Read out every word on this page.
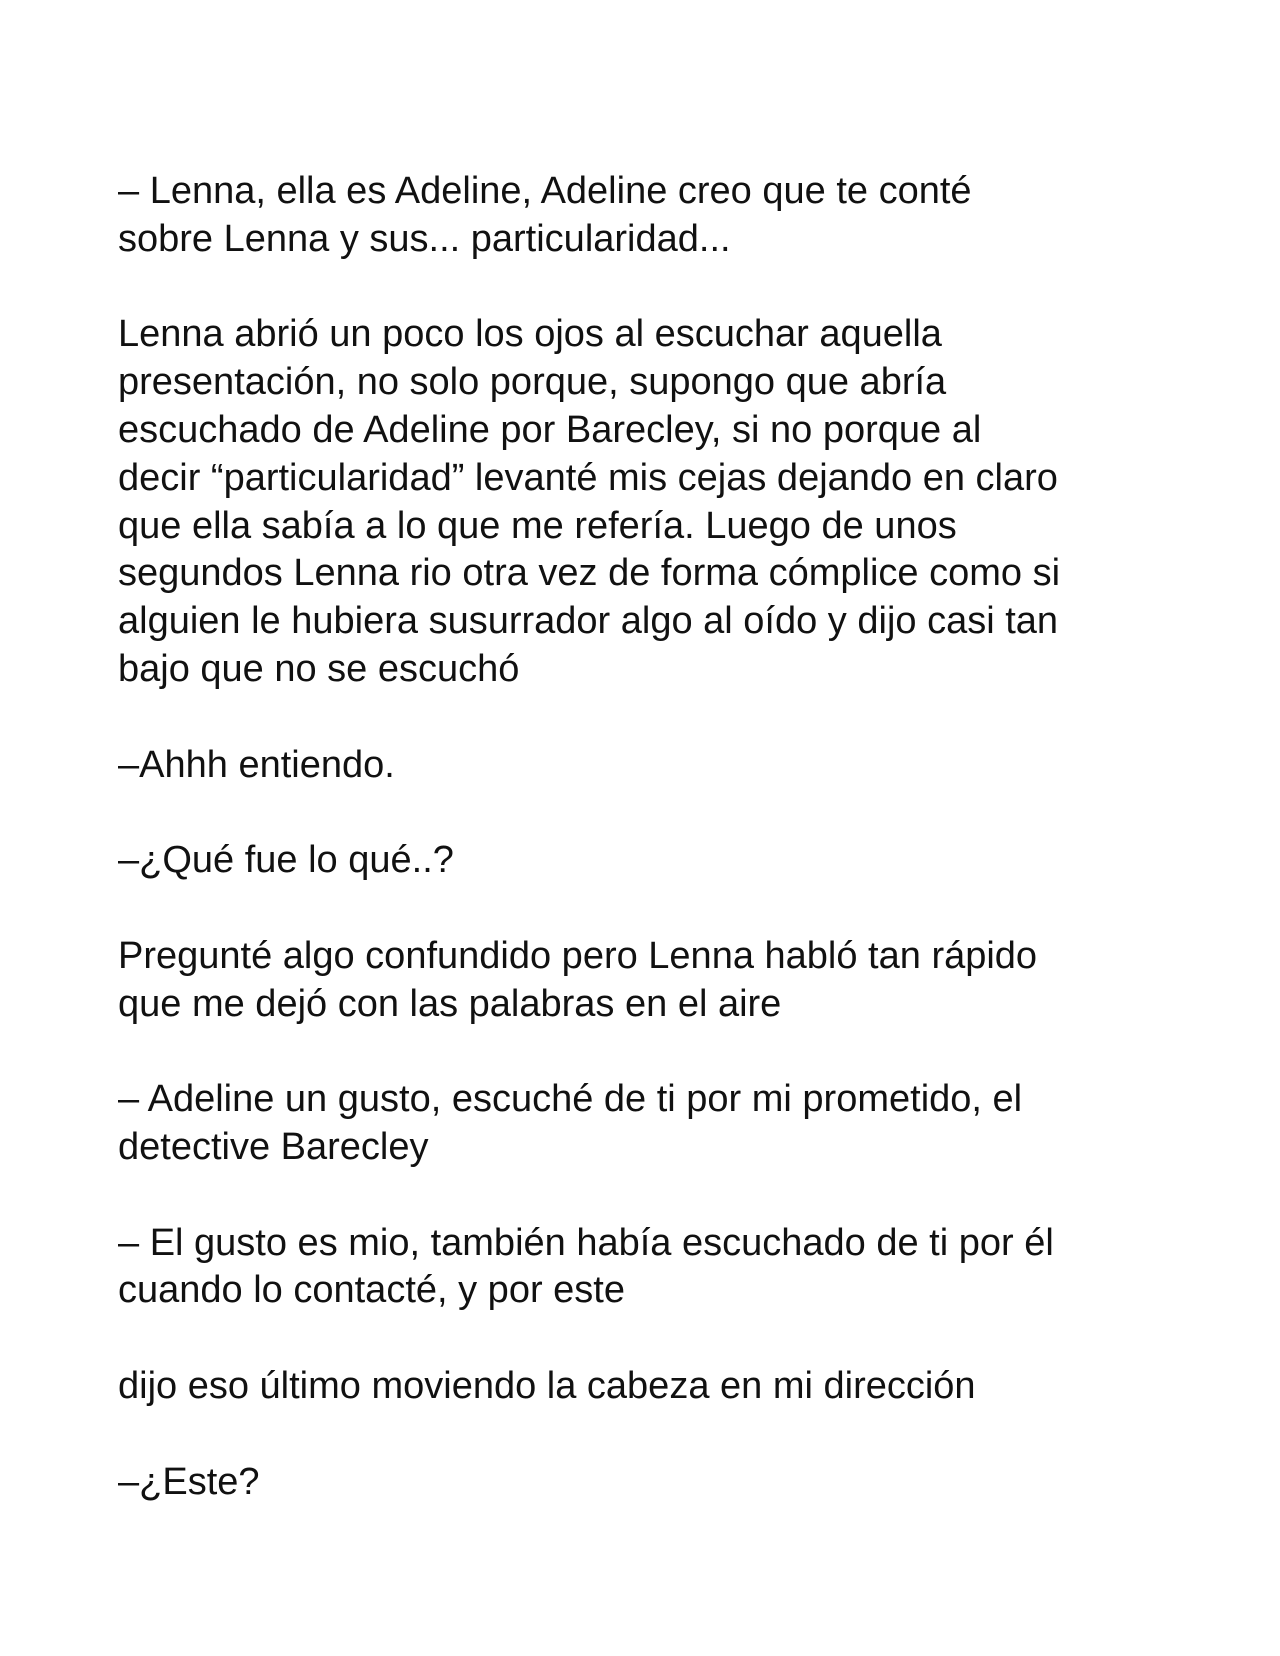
– Lenna, ella es Adeline, Adeline creo que te conté
sobre Lenna y sus... particularidad...

Lenna abrió un poco los ojos al escuchar aquella
presentación, no solo porque, supongo que abría
escuchado de Adeline por Barecley, si no porque al
decir “particularidad” levanté mis cejas dejando en claro
que ella sabía a lo que me refería. Luego de unos
segundos Lenna rio otra vez de forma cómplice como si
alguien le hubiera susurrador algo al oído y dijo casi tan
bajo que no se escuchó

–Ahhh entiendo.

–¿Qué fue lo qué..?

Pregunté algo confundido pero Lenna habló tan rápido
que me dejó con las palabras en el aire

– Adeline un gusto, escuché de ti por mi prometido, el
detective Barecley

– El gusto es mio, también había escuchado de ti por él
cuando lo contacté, y por este

dijo eso último moviendo la cabeza en mi dirección

–¿Este?
